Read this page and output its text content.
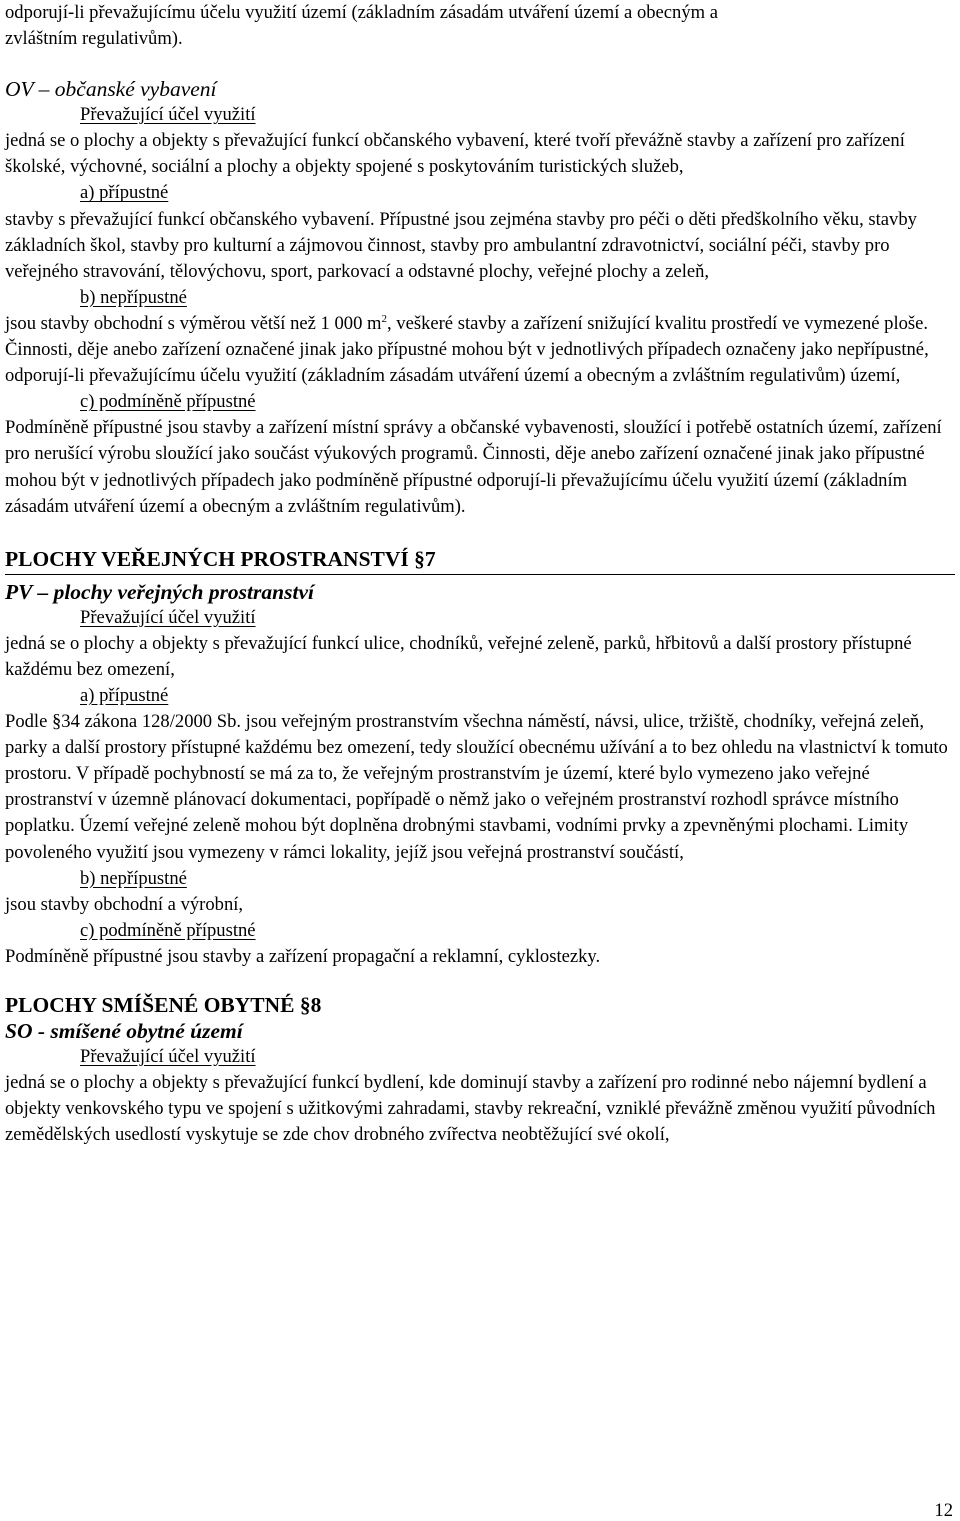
odporují-li převažujícímu účelu využití území (základním zásadám utváření území a obecným a

zvláštním regulativům).

OV – občanské vybavení

Převažující účel využití

jedná se o plochy a objekty s převažující funkcí občanského vybavení, které tvoří převážně stavby a zařízení pro zařízení školské, výchovné, sociální a plochy a objekty spojené s poskytováním turistických služeb,

a) přípustné

stavby s převažující funkcí občanského vybavení. Přípustné jsou zejména stavby pro péči o děti předškolního věku, stavby základních škol, stavby pro kulturní a zájmovou činnost, stavby pro ambulantní zdravotnictví, sociální péči, stavby pro veřejného stravování, tělovýchovu, sport, parkovací a odstavné plochy, veřejné plochy a zeleň,

b) nepřípustné

jsou stavby obchodní s výměrou větší než 1 000 $m^2$, veškeré stavby a zařízení snižující kvalitu prostředí ve vymezené ploše.

Činnosti, děje anebo zařízení označené jinak jako přípustné mohou být v jednotlivých případech označeny jako nepřípustné, odporují-li převažujícímu účelu využití (základním zásadám utváření území a obecným a zvláštním regulativům) území,

c) podmíněně přípustné

Podmíněně přípustné jsou stavby a zařízení místní správy a občanské vybavenosti, sloužící i potřebě ostatních území, zařízení pro nerušící výrobu sloužící jako součást výukových programů. Činnosti, děje anebo zařízení označené jinak jako přípustné mohou být v jednotlivých případech jako podmíněně přípustné odporují-li převažujícímu účelu využití území (základním zásadám utváření území a obecným a zvláštním regulativům).

PLOCHY VEŘEJNÝCH PROSTRANSTVÍ §7

PV – plochy veřejných prostranství

Převažující účel využití

jedná se o plochy a objekty s převažující funkcí ulice, chodníků, veřejné zeleně, parků, hřbitovů a další prostory přístupné každému bez omezení,

a) přípustné

Podle §34 zákona 128/2000 Sb. jsou veřejným prostranstvím všechna náměstí, návsi, ulice, tržiště, chodníky, veřejná zeleň, parky a další prostory přístupné každému bez omezení, tedy sloužící obecnému užívání a to bez ohledu na vlastnictví k tomuto prostoru. V případě pochybností se má za to, že veřejným prostranstvím je území, které bylo vymezeno jako veřejné prostranství v územně plánovací dokumentaci, popřípadě o němž jako o veřejném prostranství rozhodl správce místního poplatku. Území veřejné zeleně mohou být doplněna drobnými stavbami, vodními prvky a zpevněnými plochami. Limity povoleného využití jsou vymezeny v rámci lokality, jejíž jsou veřejná prostranství součástí,

b) nepřípustné

jsou stavby obchodní a výrobní,

c) podmíněně přípustné

Podmíněně přípustné jsou stavby a zařízení propagační a reklamní, cyklostezky.

PLOCHY SMÍŠENÉ OBYTNÉ §8

SO - smíšené obytné území

Převažující účel využití

jedná se o plochy a objekty s převažující funkcí bydlení, kde dominují stavby a zařízení pro rodinné nebo nájemní bydlení a objekty venkovského typu ve spojení s užitkovými zahradami, stavby rekreační, vzniklé převážně změnou využití původních zemědělských usedlostí vyskytuje se zde chov drobného zvířectva neobtěžující své okolí,

12
